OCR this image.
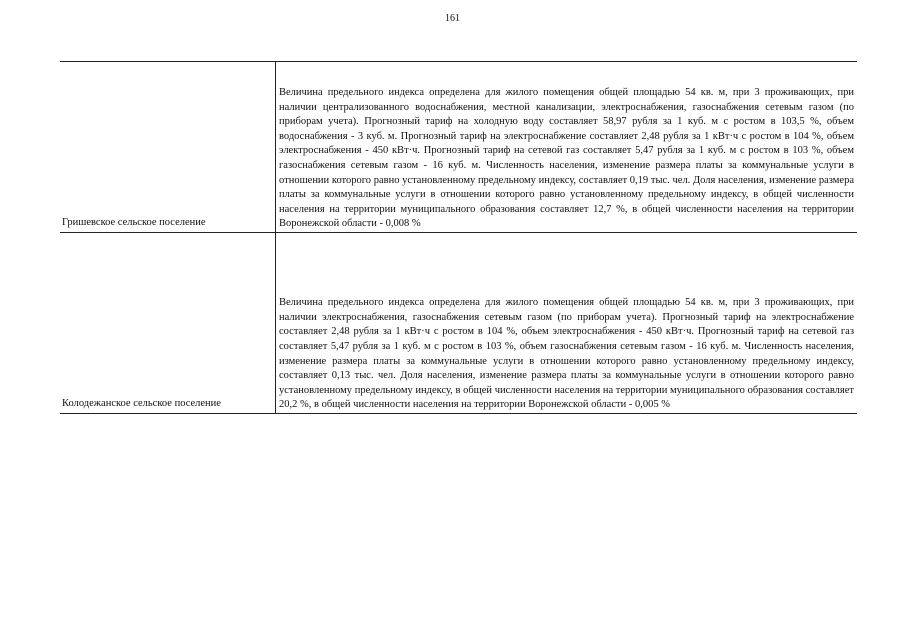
161
Гришевское сельское поселение

Величина предельного индекса определена для жилого помещения общей площадью 54 кв. м, при 3 проживающих, при наличии централизованного водоснабжения, местной канализации, электроснабжения, газоснабжения сетевым газом (по приборам учета). Прогнозный тариф на холодную воду составляет 58,97 рубля за 1 куб. м с ростом в 103,5 %, объем водоснабжения - 3 куб. м. Прогнозный тариф на электроснабжение составляет 2,48 рубля за 1 кВт·ч с ростом в 104 %, объем электроснабжения - 450 кВт·ч. Прогнозный тариф на сетевой газ составляет 5,47 рубля за 1 куб. м с ростом в 103 %, объем газоснабжения сетевым газом - 16 куб. м. Численность населения, изменение размера платы за коммунальные услуги в отношении которого равно установленному предельному индексу, составляет 0,19 тыс. чел. Доля населения, изменение размера платы за коммунальные услуги в отношении которого равно установленному предельному индексу, в общей численности населения на территории муниципального образования составляет 12,7 %, в общей численности населения на территории Воронежской области - 0,008 %

Колодежанское сельское поселение

Величина предельного индекса определена для жилого помещения общей площадью 54 кв. м, при 3 проживающих, при наличии электроснабжения, газоснабжения сетевым газом (по приборам учета). Прогнозный тариф на электроснабжение составляет 2,48 рубля за 1 кВт·ч с ростом в 104 %, объем электроснабжения - 450 кВт·ч. Прогнозный тариф на сетевой газ составляет 5,47 рубля за 1 куб. м с ростом в 103 %, объем газоснабжения сетевым газом - 16 куб. м. Численность населения, изменение размера платы за коммунальные услуги в отношении которого равно установленному предельному индексу, составляет 0,13 тыс. чел. Доля населения, изменение размера платы за коммунальные услуги в отношении которого равно установленному предельному индексу, в общей численности населения на территории муниципального образования составляет 20,2 %, в общей численности населения на территории Воронежской области - 0,005 %
